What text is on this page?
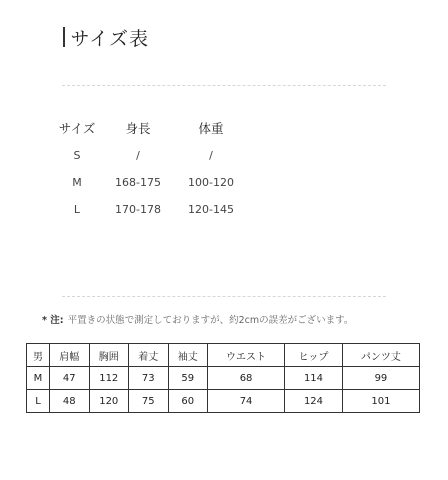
サイズ表
サイズ	身長	体重
S	/	/
M	168-175	100-120
L	170-178	120-145
* 注: 平置きの状態で測定しておりますが、約2cmの誤差がございます。
男	肩幅	胸囲	着丈	袖丈	ウエスト	ヒップ	パンツ丈
M	47	112	73	59	68	114	99
L	48	120	75	60	74	124	101
